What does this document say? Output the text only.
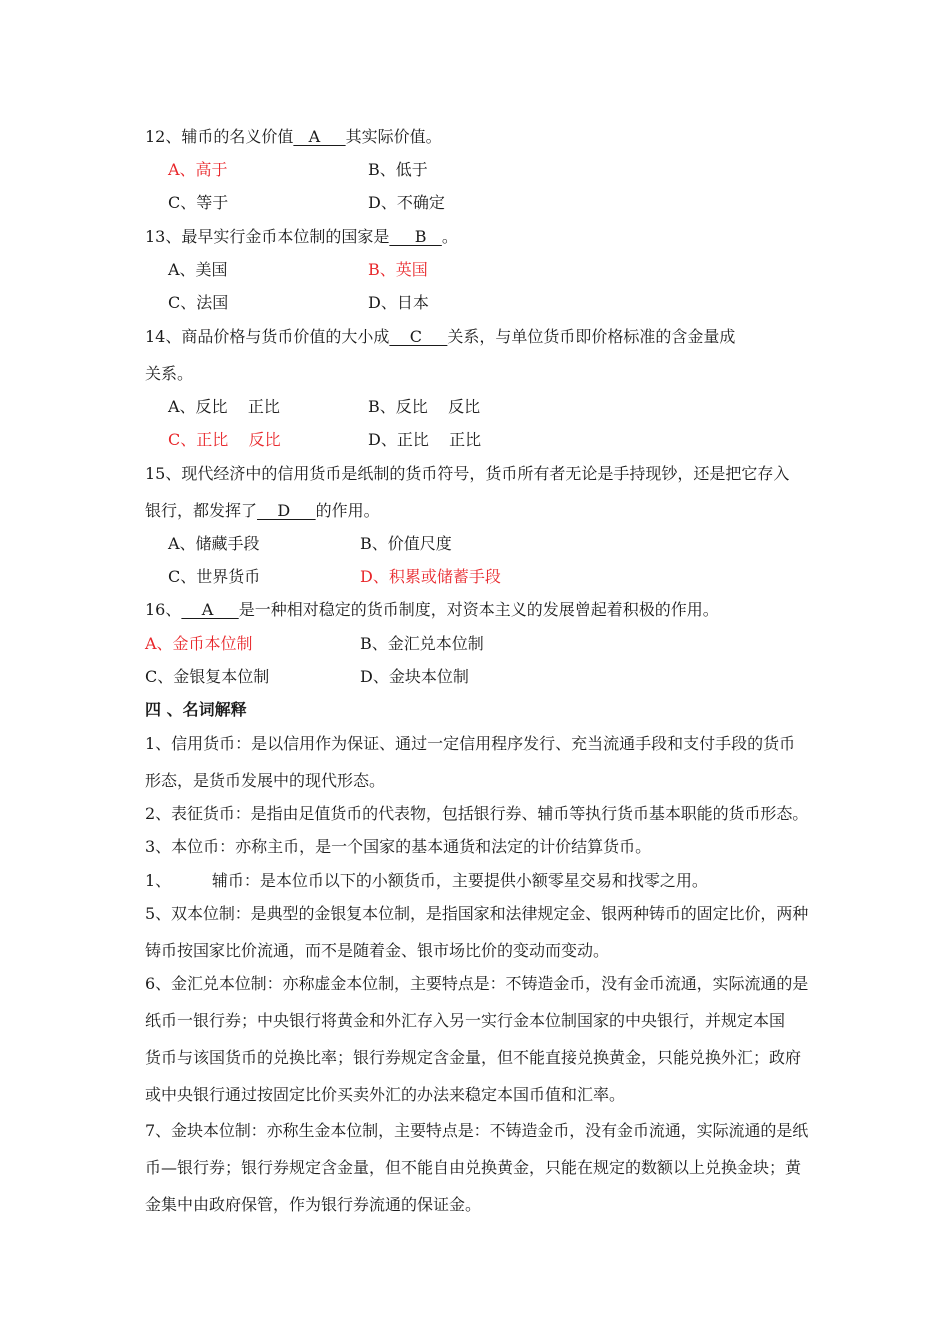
12、辅币的名义价值   A     其实际价值。
A、高于	B、低于
C、等于	D、不确定
13、最早实行金币本位制的国家是     B   。
A、美国	B、英国
C、法国	D、日本
14、商品价格与货币价值的大小成    C     关系，与单位货币即价格标准的含金量成
关系。
A、反比    正比	B、反比    反比
C、正比    反比	D、正比    正比
15、现代经济中的信用货币是纸制的货币符号，货币所有者无论是手持现钞，还是把它存入
银行，都发挥了    D     的作用。
A、储藏手段	B、价值尺度
C、世界货币	D、积累或储蓄手段
16、    A     是一种相对稳定的货币制度，对资本主义的发展曾起着积极的作用。
A、金币本位制	B、金汇兑本位制
C、金银复本位制	D、金块本位制
四 、名词解释
1、信用货币：是以信用作为保证、通过一定信用程序发行、充当流通手段和支付手段的货币
形态，是货币发展中的现代形态。
2、表征货币：是指由足值货币的代表物，包括银行券、辅币等执行货币基本职能的货币形态。
3、本位币：亦称主币，是一个国家的基本通货和法定的计价结算货币。
1、        辅币：是本位币以下的小额货币，主要提供小额零星交易和找零之用。
5、双本位制：是典型的金银复本位制，是指国家和法律规定金、银两种铸币的固定比价，两种
铸币按国家比价流通，而不是随着金、银市场比价的变动而变动。
6、金汇兑本位制：亦称虚金本位制，主要特点是：不铸造金币，没有金币流通，实际流通的是
纸币一银行券；中央银行将黄金和外汇存入另一实行金本位制国家的中央银行，并规定本国
货币与该国货币的兑换比率；银行券规定含金量，但不能直接兑换黄金，只能兑换外汇；政府
或中央银行通过按固定比价买卖外汇的办法来稳定本国币值和汇率。
7、金块本位制：亦称生金本位制，主要特点是：不铸造金币，没有金币流通，实际流通的是纸
币—银行券；银行券规定含金量，但不能自由兑换黄金，只能在规定的数额以上兑换金块；黄
金集中由政府保管，作为银行券流通的保证金。
